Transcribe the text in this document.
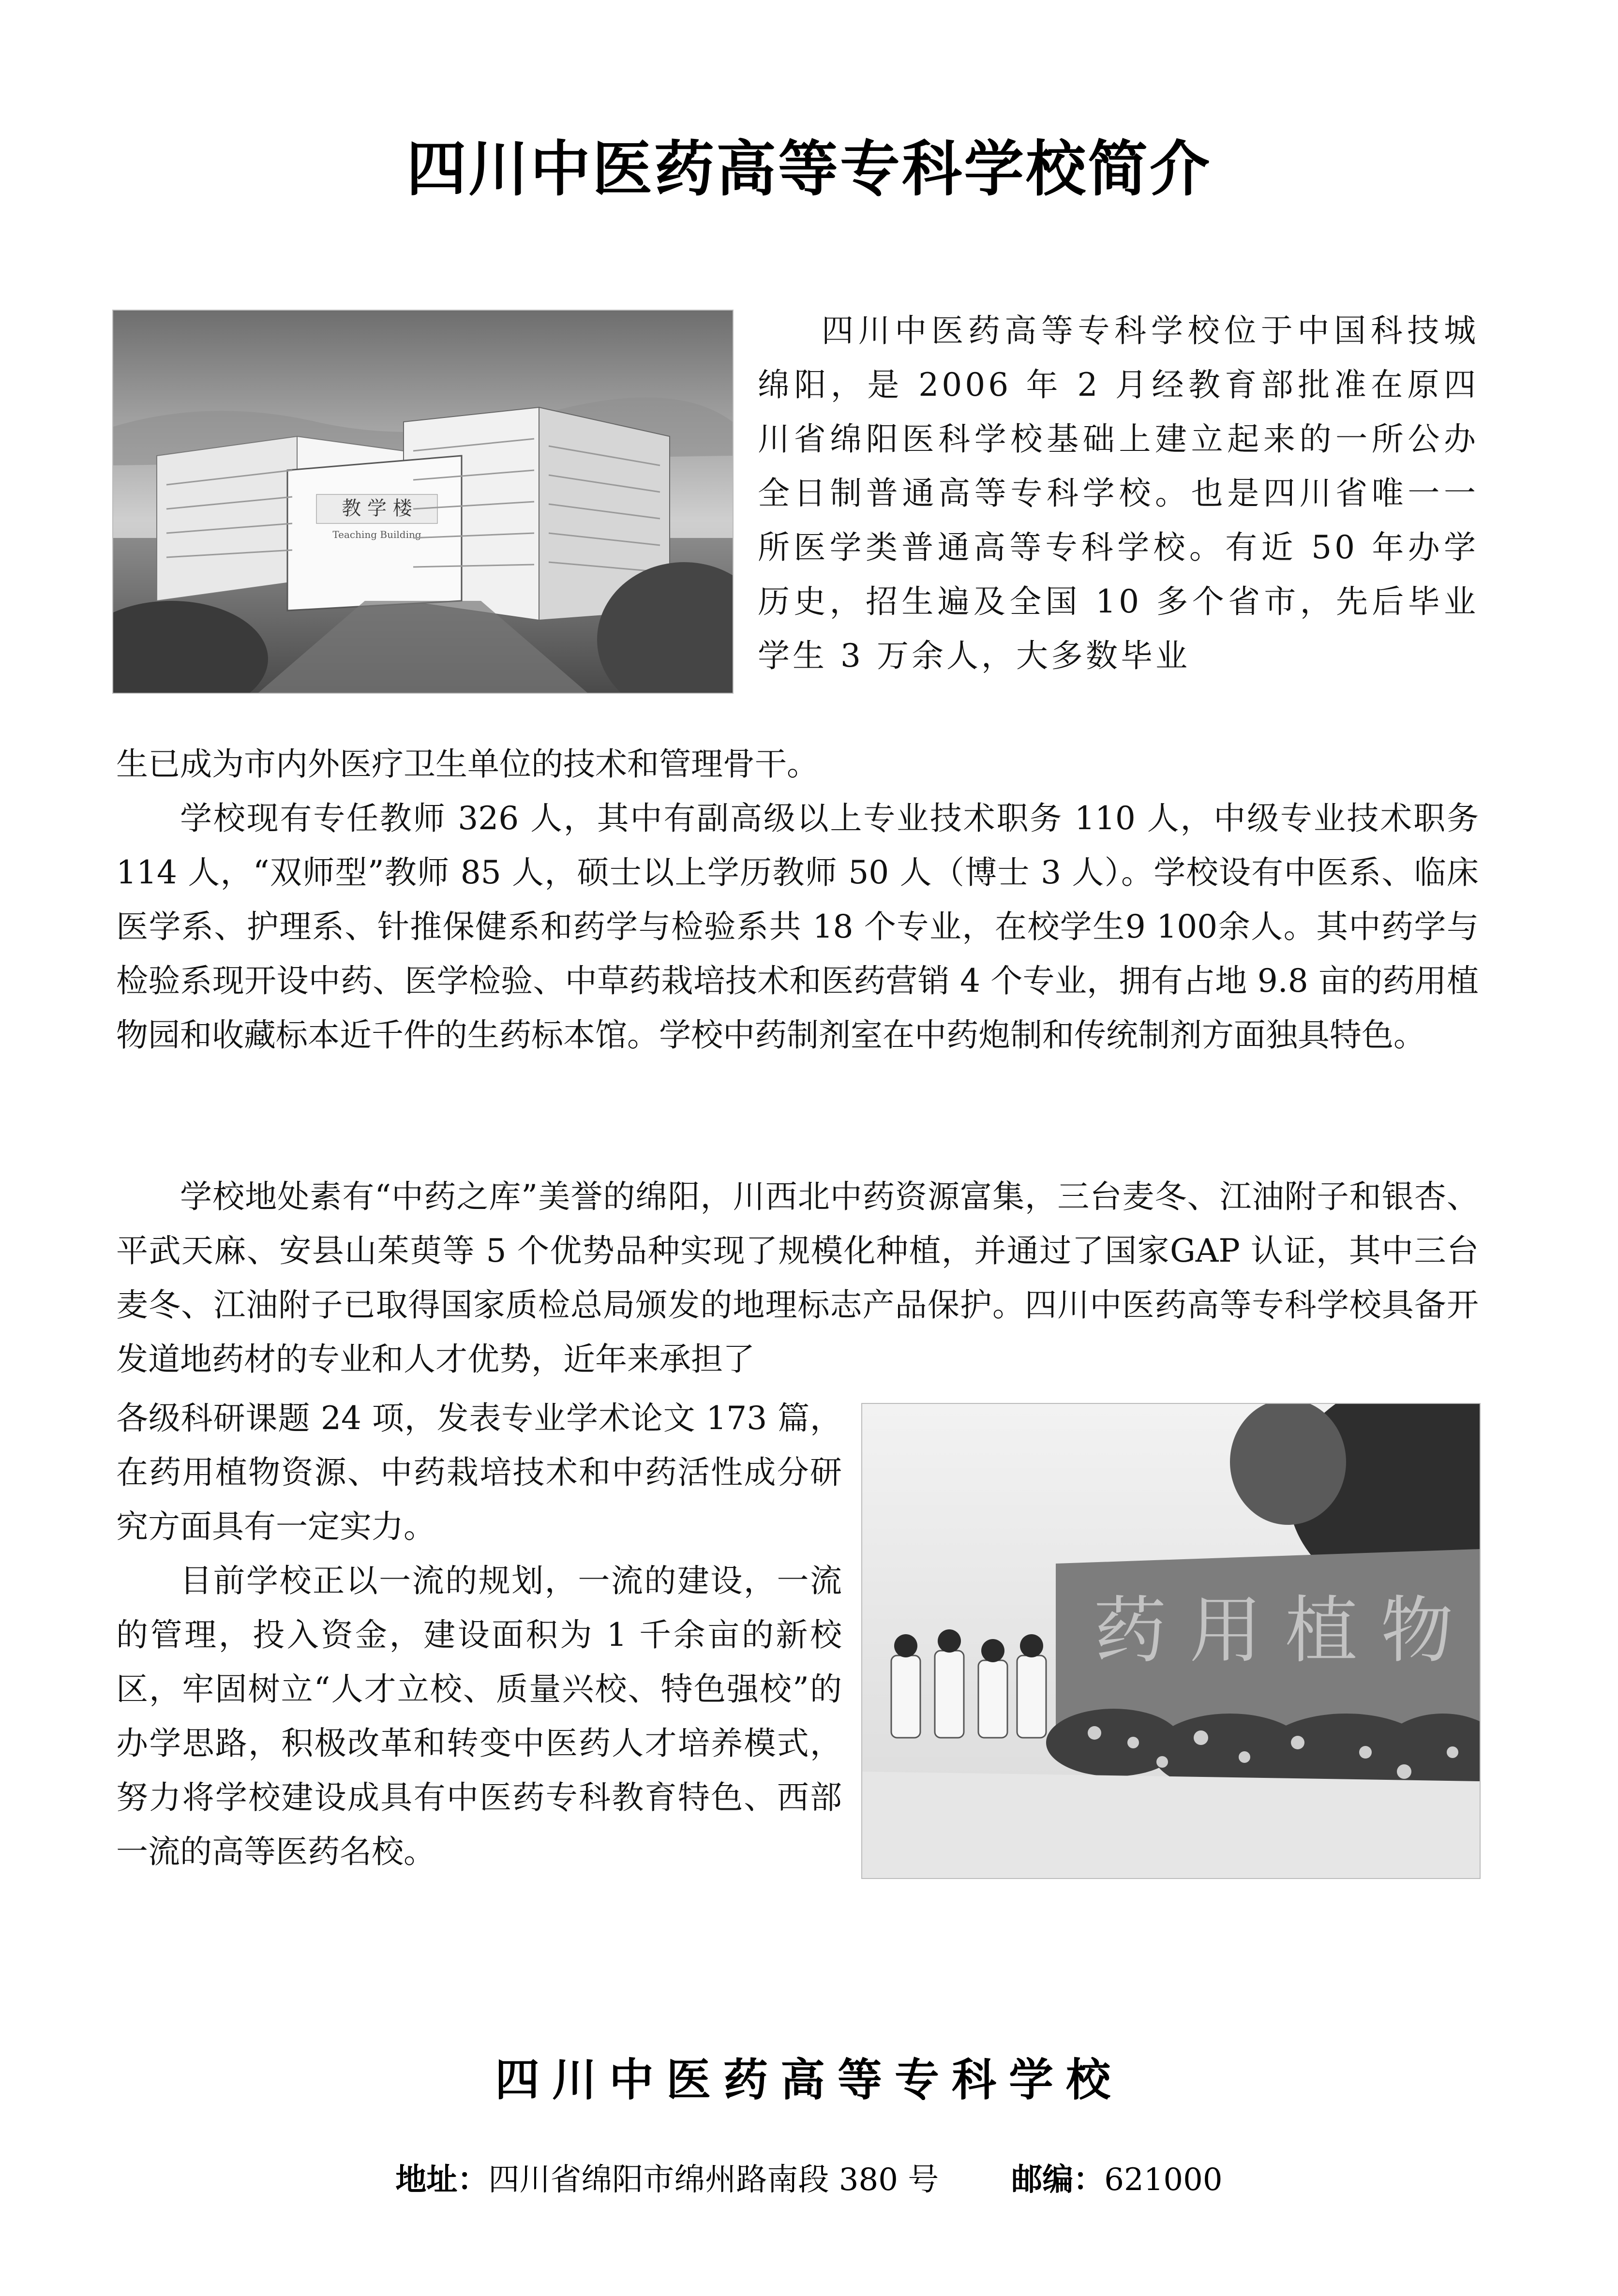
四川中医药高等专科学校简介
教 学 楼
Teaching Building
药 用 植 物

四川中医药高等专科学校位于中国科技城绵阳，是 2006 年 2 月经教育部批准在原四川省绵阳医科学校基础上建立起来的一所公办全日制普通高等专科学校。也是四川省唯一一所医学类普通高等专科学校。有近 50 年办学历史，招生遍及全国 10 多个省市，先后毕业学生 3 万余人，大多数毕业

生已成为市内外医疗卫生单位的技术和管理骨干。

学校现有专任教师 326 人，其中有副高级以上专业技术职务 110 人，中级专业技术职务 114 人，“双师型”教师 85 人，硕士以上学历教师 50 人（博士 3 人）。学校设有中医系、临床医学系、护理系、针推保健系和药学与检验系共 18 个专业，在校学生9 100余人。其中药学与检验系现开设中药、医学检验、中草药栽培技术和医药营销 4 个专业，拥有占地 9.8 亩的药用植物园和收藏标本近千件的生药标本馆。学校中药制剂室在中药炮制和传统制剂方面独具特色。

学校地处素有“中药之库”美誉的绵阳，川西北中药资源富集，三台麦冬、江油附子和银杏、平武天麻、安县山茱萸等 5 个优势品种实现了规模化种植，并通过了国家GAP 认证，其中三台麦冬、江油附子已取得国家质检总局颁发的地理标志产品保护。四川中医药高等专科学校具备开发道地药材的专业和人才优势，近年来承担了

各级科研课题 24 项，发表专业学术论文 173 篇，在药用植物资源、中药栽培技术和中药活性成分研究方面具有一定实力。

目前学校正以一流的规划，一流的建设，一流的管理，投入资金，建设面积为 1 千余亩的新校区，牢固树立“人才立校、质量兴校、特色强校”的办学思路，积极改革和转变中医药人才培养模式，努力将学校建设成具有中医药专科教育特色、西部一流的高等医药名校。

四川中医药高等专科学校

地址：四川省绵阳市绵州路南段 380 号 邮编：621000
